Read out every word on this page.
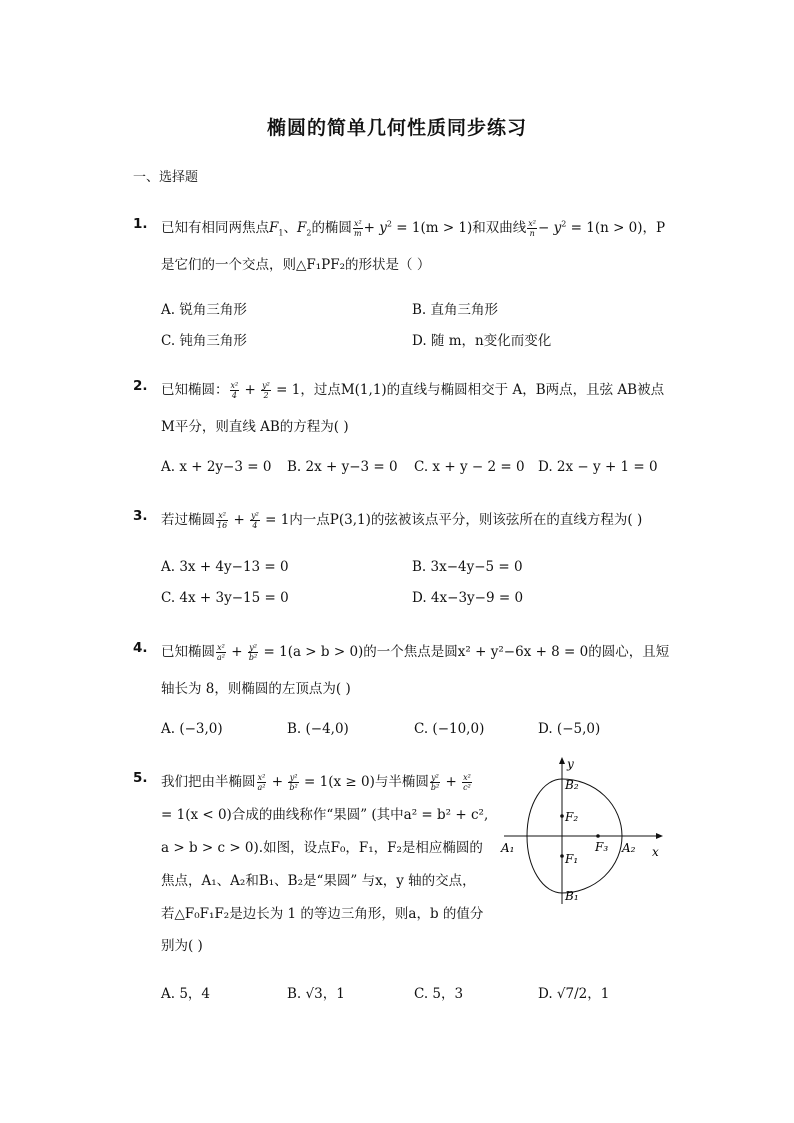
椭圆的简单几何性质同步练习
一、选择题
1. 已知有相同两焦点$F_1$、$F_2$的椭圆 $\frac{\text{x²}}{m} + y^2 = 1(m > 1)$和双曲线 $\frac{\text{x²}}{n} - y^2 = 1(n > 0)$，P
是它们的一个交点，则△F₁PF₂的形状是（ ）
A. 锐角三角形	B. 直角三角形
C. 钝角三角形	D. 随 m，n变化而变化
2. 已知椭圆： $\frac{\text{x²}}{4} + \frac{\text{y²}}{2} = 1$，过点M(1,1)的直线与椭圆相交于 A，B两点，且弦 AB被点
M平分，则直线 AB的方程为( )
A. x + 2y−3 = 0 B. 2x + y−3 = 0 C. x + y − 2 = 0 D. 2x − y + 1 = 0
3. 若过椭圆 $\frac{\text{x²}}{16} + \frac{\text{y²}}{4} = 1$内一点P(3,1)的弦被该点平分，则该弦所在的直线方程为( )
A. 3x + 4y−13 = 0	B. 3x−4y−5 = 0
C. 4x + 3y−15 = 0	D. 4x−3y−9 = 0
4. 已知椭圆 $\frac{\text{x²}}{\text{a²}} + \frac{\text{y²}}{\text{b²}} = 1(a > b > 0)$的一个焦点是圆x² + y²−6x + 8 = 0的圆心，且短
轴长为 8，则椭圆的左顶点为( )
A. (−3,0)	B. (−4,0)	C. (−10,0)	D. (−5,0)
5. 我们把由半椭圆 $\frac{\text{x²}}{\text{a²}} + \frac{\text{y²}}{\text{b²}} = 1(x \ge 0)$与半椭圆 $\frac{\text{y²}}{\text{b²}} + \frac{\text{x²}}{\text{c²}}$
= 1(x < 0)合成的曲线称作“果圆” (其中a² = b² + c²,
a > b > c > 0).如图，设点F₀，F₁，F₂是相应椭圆的
焦点，A₁、A₂和B₁、B₂是“果圆” 与x，y 轴的交点，
若△F₀F₁F₂是边长为 1 的等边三角形，则a，b 的值分
别为( )
y
x
B₂
B₁
A₁	A₂
F₂
F₁
F₃
A. 5，4	B. √3，1	C. 5，3	D. √7/2，1
